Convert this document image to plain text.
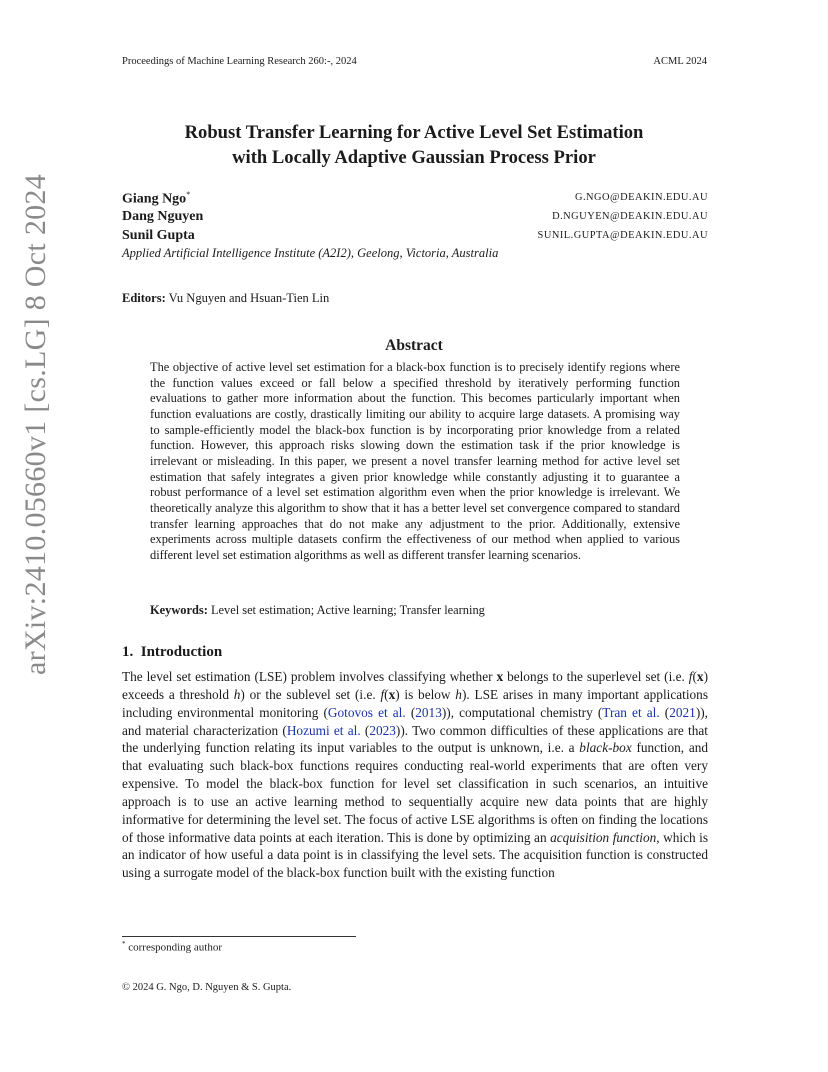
Proceedings of Machine Learning Research 260:-, 2024	ACML 2024
Robust Transfer Learning for Active Level Set Estimation
with Locally Adaptive Gaussian Process Prior
Giang Ngo*	G.NGO@DEAKIN.EDU.AU
Dang Nguyen	D.NGUYEN@DEAKIN.EDU.AU
Sunil Gupta	SUNIL.GUPTA@DEAKIN.EDU.AU
Applied Artificial Intelligence Institute (A2I2), Geelong, Victoria, Australia
Editors: Vu Nguyen and Hsuan-Tien Lin
Abstract
The objective of active level set estimation for a black-box function is to precisely identify regions where the function values exceed or fall below a specified threshold by iteratively performing function evaluations to gather more information about the function. This becomes particularly important when function evaluations are costly, drastically limiting our ability to acquire large datasets. A promising way to sample-efficiently model the black-box function is by incorporating prior knowledge from a related function. However, this approach risks slowing down the estimation task if the prior knowledge is irrelevant or misleading. In this paper, we present a novel transfer learning method for active level set estimation that safely integrates a given prior knowledge while constantly adjusting it to guarantee a robust performance of a level set estimation algorithm even when the prior knowledge is irrelevant. We theoretically analyze this algorithm to show that it has a better level set convergence compared to standard transfer learning approaches that do not make any adjustment to the prior. Additionally, extensive experiments across multiple datasets confirm the effectiveness of our method when applied to various different level set estimation algorithms as well as different transfer learning scenarios.
Keywords: Level set estimation; Active learning; Transfer learning
1. Introduction
The level set estimation (LSE) problem involves classifying whether x belongs to the superlevel set (i.e. f(x) exceeds a threshold h) or the sublevel set (i.e. f(x) is below h). LSE arises in many important applications including environmental monitoring (Gotovos et al. (2013)), computational chemistry (Tran et al. (2021)), and material characterization (Hozumi et al. (2023)). Two common difficulties of these applications are that the underlying function relating its input variables to the output is unknown, i.e. a black-box function, and that evaluating such black-box functions requires conducting real-world experiments that are often very expensive. To model the black-box function for level set classification in such scenarios, an intuitive approach is to use an active learning method to sequentially acquire new data points that are highly informative for determining the level set. The focus of active LSE algorithms is often on finding the locations of those informative data points at each iteration. This is done by optimizing an acquisition function, which is an indicator of how useful a data point is in classifying the level sets. The acquisition function is constructed using a surrogate model of the black-box function built with the existing function
* corresponding author
© 2024 G. Ngo, D. Nguyen & S. Gupta.
arXiv:2410.05660v1 [cs.LG] 8 Oct 2024
